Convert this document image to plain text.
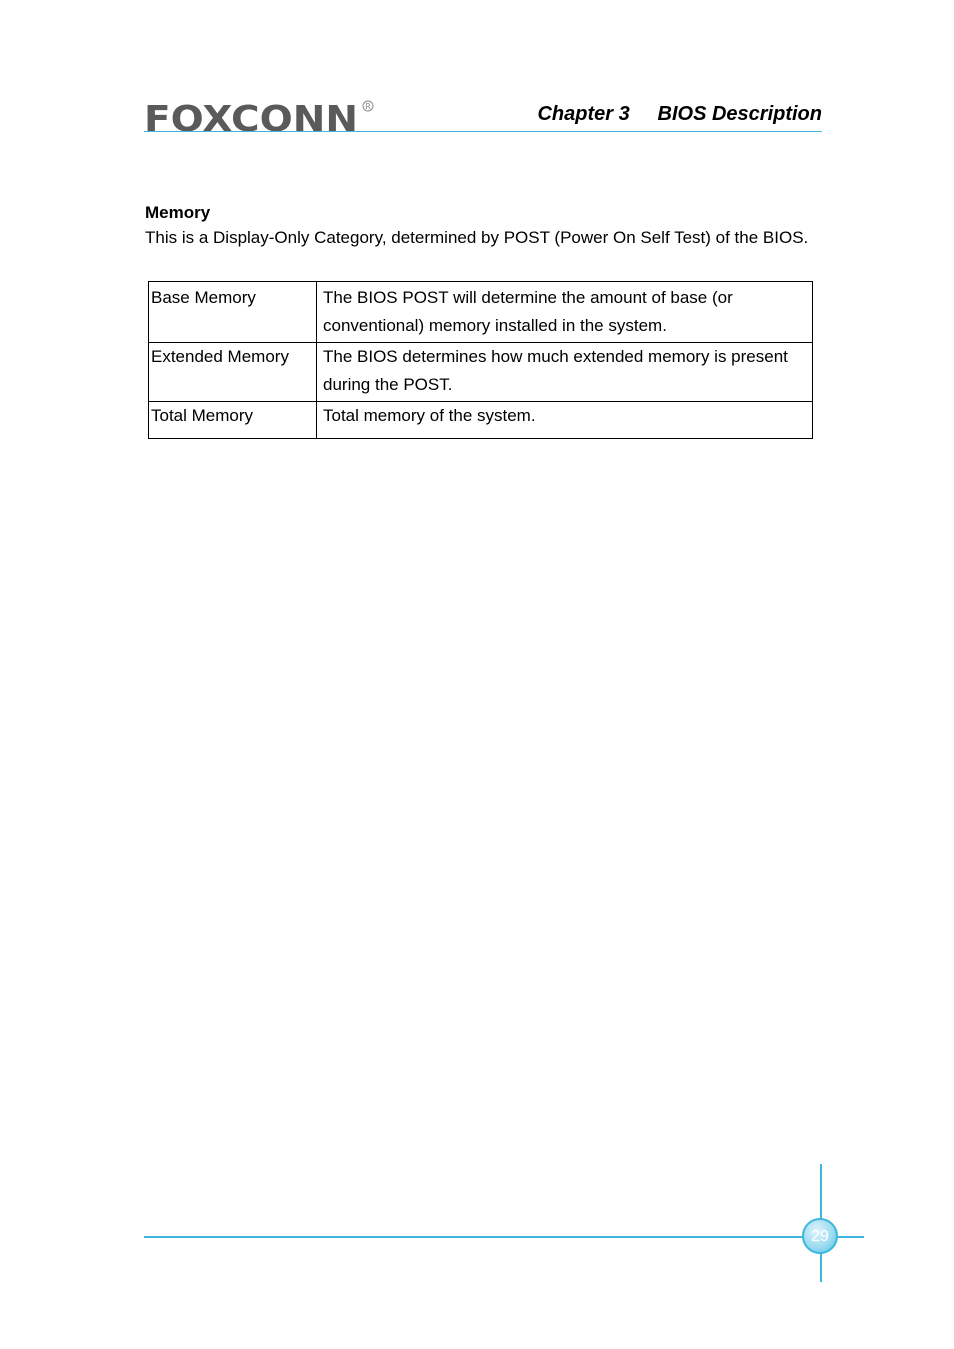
FOXCONN R	Chapter 3     BIOS Description

Memory

This is a Display-Only Category, determined by POST (Power On Self Test) of the BIOS.

Base Memory	The BIOS POST will determine the amount of base (or conventional) memory installed in the system.
Extended Memory	The BIOS determines how much extended memory is present during the POST.
Total Memory	Total memory of the system.
29
